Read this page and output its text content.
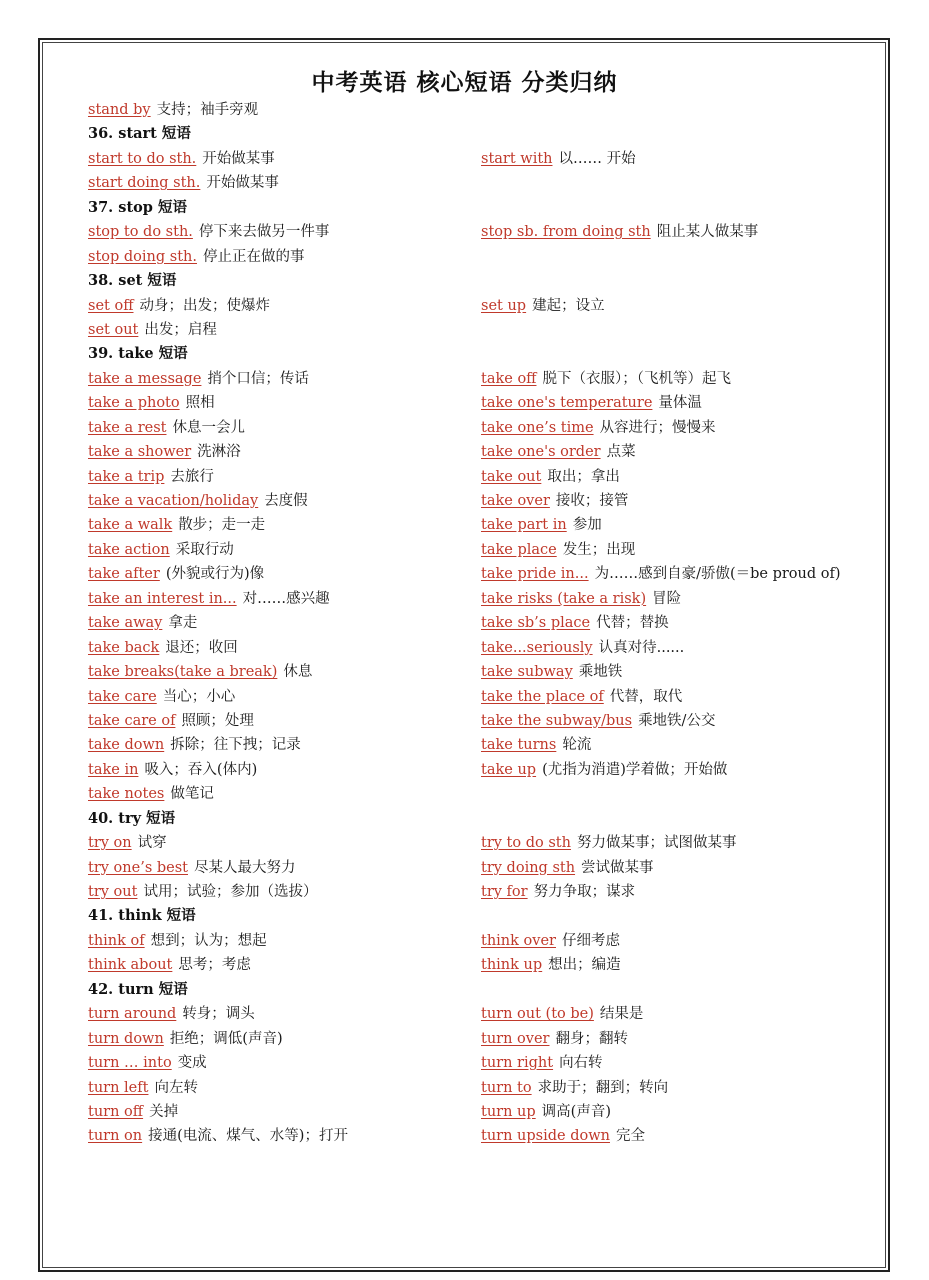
中考英语 核心短语 分类归纳
stand by 支持；袖手旁观
36. start 短语
start to do sth. 开始做某事	start with 以…… 开始
start doing sth. 开始做某事
37. stop 短语
stop to do sth. 停下来去做另一件事	stop sb. from doing sth 阻止某人做某事
stop doing sth. 停止正在做的事
38. set 短语
set off 动身；出发；使爆炸	set up 建起；设立
set out 出发；启程
39. take 短语
take a message 捎个口信；传话	take off 脱下（衣服）；（飞机等）起飞
take a photo 照相	take one's temperature 量体温
take a rest 休息一会儿	take one’s time 从容进行；慢慢来
take a shower 洗淋浴	take one's order 点菜
take a trip 去旅行	take out 取出；拿出
take a vacation/holiday 去度假	take over 接收；接管
take a walk 散步；走一走	take part in 参加
take action 采取行动	take place 发生；出现
take after (外貌或行为)像	take pride in... 为……感到自豪/骄傲(＝be proud of)
take an interest in... 对……感兴趣	take risks (take a risk) 冒险
take away 拿走	take sb’s place 代替；替换
take back 退还；收回	take...seriously 认真对待......
take breaks(take a break) 休息	take subway 乘地铁
take care 当心；小心	take the place of 代替，取代
take care of 照顾；处理	take the subway/bus 乘地铁/公交
take down 拆除；往下拽；记录	take turns 轮流
take in 吸入；吞入(体内)	take up (尤指为消遣)学着做；开始做
take notes 做笔记
40. try 短语
try on 试穿	try to do sth 努力做某事；试图做某事
try one’s best 尽某人最大努力	try doing sth 尝试做某事
try out 试用；试验；参加（选拔）	try for 努力争取；谋求
41. think 短语
think of 想到；认为；想起	think over 仔细考虑
think about 思考；考虑	think up 想出；编造
42. turn 短语
turn around 转身；调头	turn out (to be) 结果是
turn down 拒绝；调低(声音)	turn over 翻身；翻转
turn … into 变成	turn right 向右转
turn left 向左转	turn to 求助于；翻到；转向
turn off 关掉	turn up 调高(声音)
turn on 接通(电流、煤气、水等)；打开	turn upside down 完全
